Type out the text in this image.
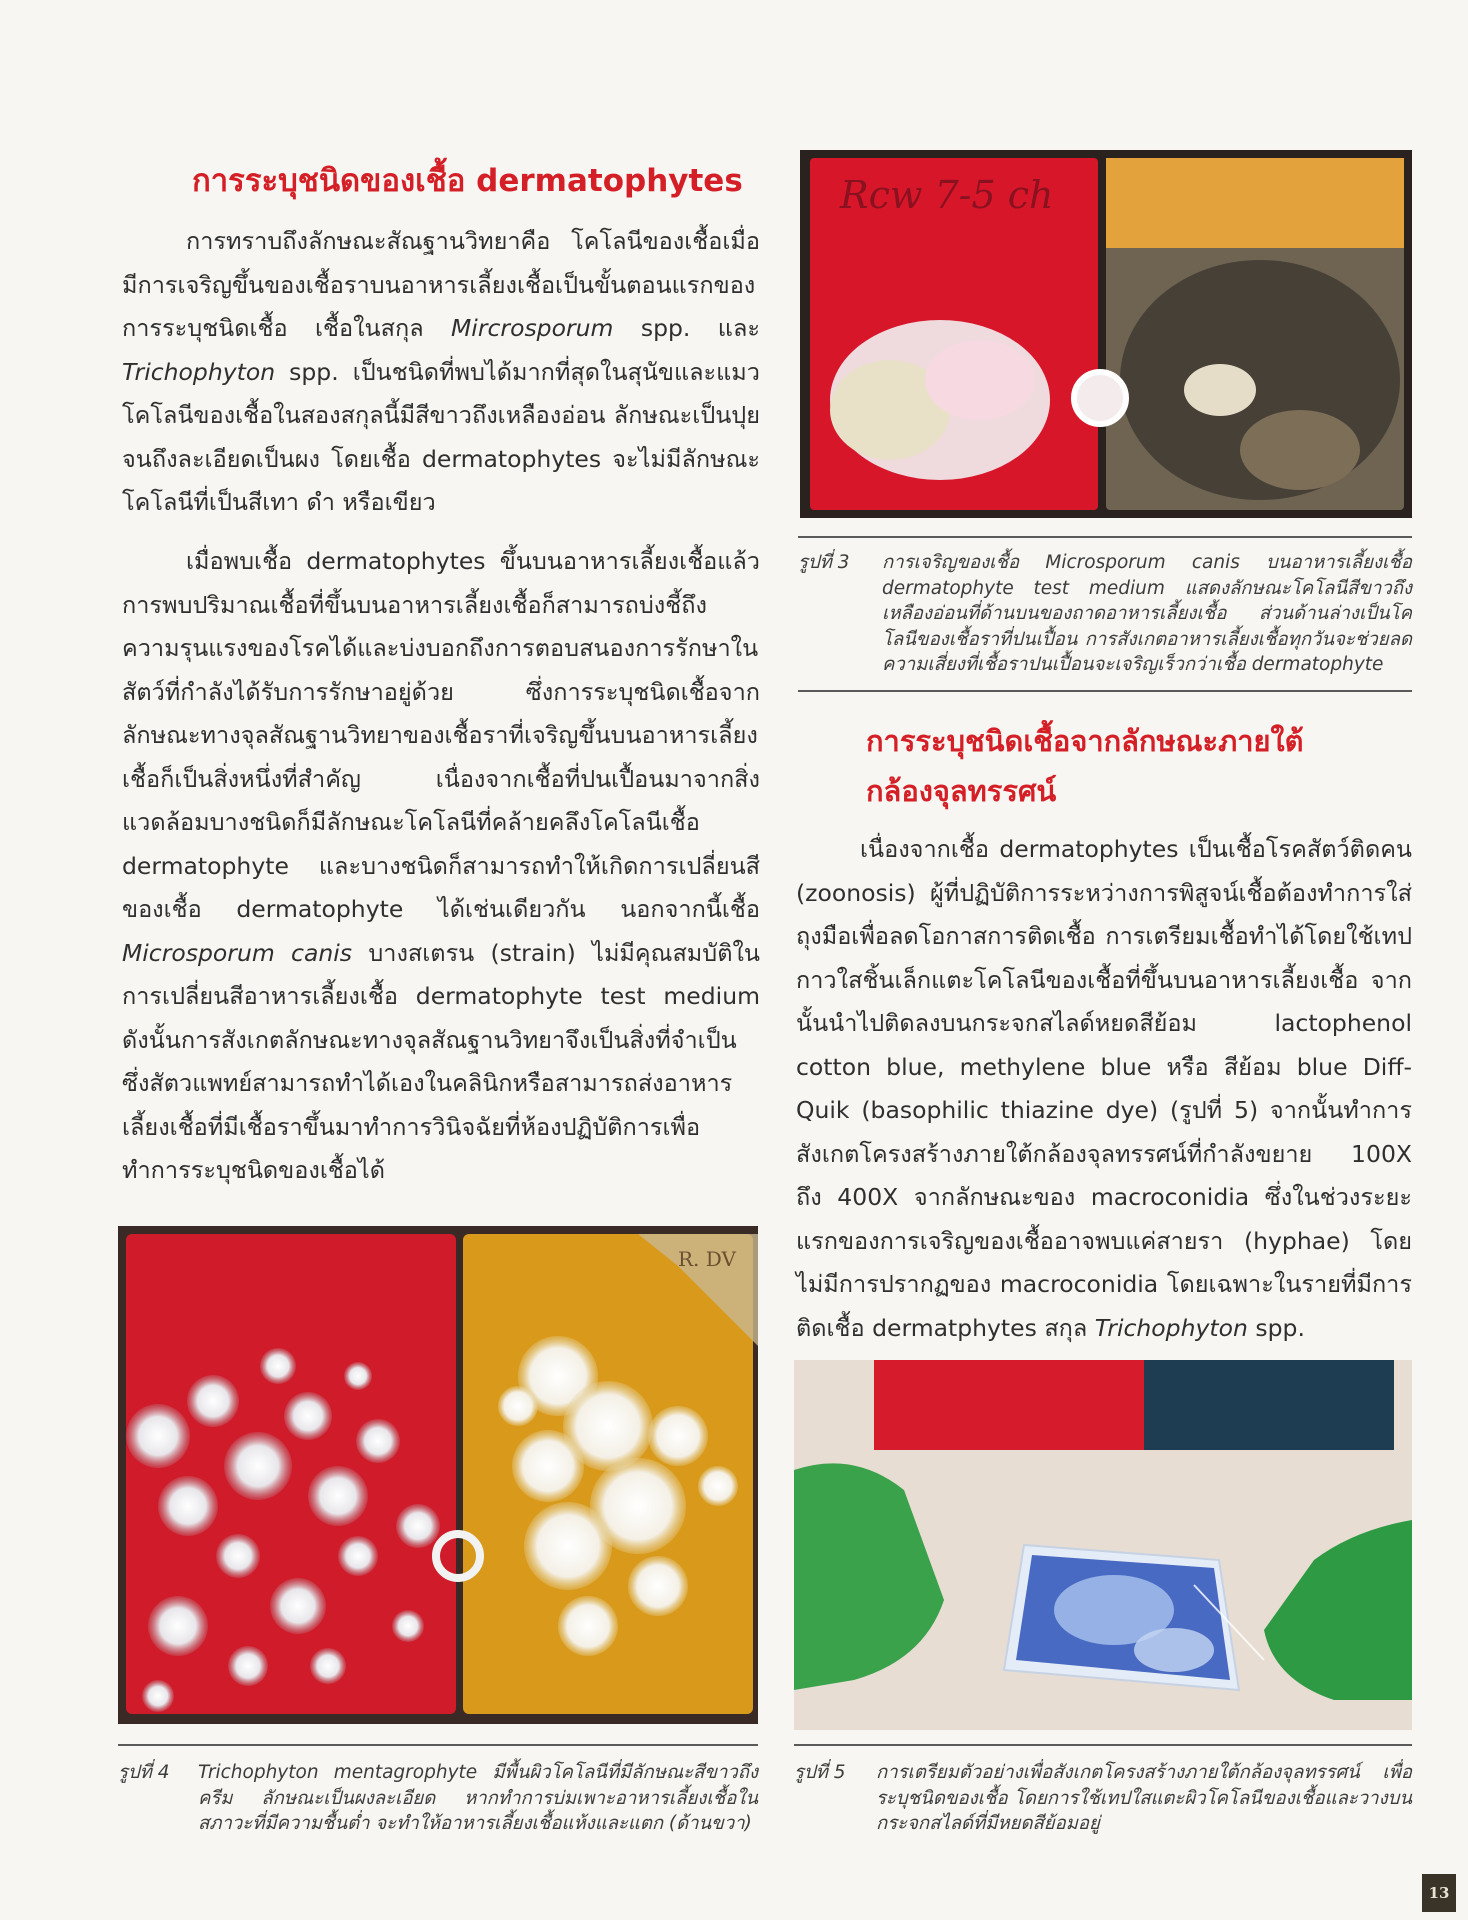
การระบุชนิดของเชื้อ dermatophytes

การทราบถึงลักษณะสัณฐานวิทยาคือ โคโลนีของเชื้อเมื่อมีการเจริญขึ้นของเชื้อราบนอาหารเลี้ยงเชื้อเป็นขั้นตอนแรกของการระบุชนิดเชื้อ เชื้อในสกุล Mircrosporum spp. และ Trichophyton spp. เป็นชนิดที่พบได้มากที่สุดในสุนัขและแมว โคโลนีของเชื้อในสองสกุลนี้มีสีขาวถึงเหลืองอ่อน ลักษณะเป็นปุยจนถึงละเอียดเป็นผง โดยเชื้อ dermatophytes จะไม่มีลักษณะโคโลนีที่เป็นสีเทา ดำ หรือเขียว

เมื่อพบเชื้อ dermatophytes ขึ้นบนอาหารเลี้ยงเชื้อแล้ว การพบปริมาณเชื้อที่ขึ้นบนอาหารเลี้ยงเชื้อก็สามารถบ่งชี้ถึงความรุนแรงของโรคได้และบ่งบอกถึงการตอบสนองการรักษาในสัตว์ที่กำลังได้รับการรักษาอยู่ด้วย ซึ่งการระบุชนิดเชื้อจากลักษณะทางจุลสัณฐานวิทยาของเชื้อราที่เจริญขึ้นบนอาหารเลี้ยงเชื้อก็เป็นสิ่งหนึ่งที่สำคัญ เนื่องจากเชื้อที่ปนเปื้อนมาจากสิ่งแวดล้อมบางชนิดก็มีลักษณะโคโลนีที่คล้ายคลึงโคโลนีเชื้อ dermatophyte และบางชนิดก็สามารถทำให้เกิดการเปลี่ยนสีของเชื้อ dermatophyte ได้เช่นเดียวกัน นอกจากนี้เชื้อ Microsporum canis บางสเตรน (strain) ไม่มีคุณสมบัติในการเปลี่ยนสีอาหารเลี้ยงเชื้อ dermatophyte test medium ดังนั้นการสังเกตลักษณะทางจุลสัณฐานวิทยาจึงเป็นสิ่งที่จำเป็น ซึ่งสัตวแพทย์สามารถทำได้เองในคลินิกหรือสามารถส่งอาหารเลี้ยงเชื้อที่มีเชื้อราขึ้นมาทำการวินิจฉัยที่ห้องปฏิบัติการเพื่อทำการระบุชนิดของเชื้อได้

R. DV
รูปที่ 4 Trichophyton mentagrophyte มีพื้นผิวโคโลนีที่มีลักษณะสีขาวถึงครีม ลักษณะเป็นผงละเอียด หากทำการบ่มเพาะอาหารเลี้ยงเชื้อในสภาวะที่มีความชื้นต่ำ จะทำให้อาหารเลี้ยงเชื้อแห้งและแตก (ด้านขวา)
Rcw 7-5 ch
รูปที่ 3 การเจริญของเชื้อ Microsporum canis บนอาหารเลี้ยงเชื้อ dermatophyte test medium แสดงลักษณะโคโลนีสีขาวถึงเหลืองอ่อนที่ด้านบนของถาดอาหารเลี้ยงเชื้อ ส่วนด้านล่างเป็นโคโลนีของเชื้อราที่ปนเปื้อน การสังเกตอาหารเลี้ยงเชื้อทุกวันจะช่วยลดความเสี่ยงที่เชื้อราปนเปื้อนจะเจริญเร็วกว่าเชื้อ dermatophyte
การระบุชนิดเชื้อจากลักษณะภายใต้กล้องจุลทรรศน์

เนื่องจากเชื้อ dermatophytes เป็นเชื้อโรคสัตว์ติดคน (zoonosis) ผู้ที่ปฏิบัติการระหว่างการพิสูจน์เชื้อต้องทำการใส่ถุงมือเพื่อลดโอกาสการติดเชื้อ การเตรียมเชื้อทำได้โดยใช้เทปกาวใสชิ้นเล็กแตะโคโลนีของเชื้อที่ขึ้นบนอาหารเลี้ยงเชื้อ จากนั้นนำไปติดลงบนกระจกสไลด์หยดสีย้อม lactophenol cotton blue, methylene blue หรือ สีย้อม blue Diff-Quik (basophilic thiazine dye) (รูปที่ 5) จากนั้นทำการสังเกตโครงสร้างภายใต้กล้องจุลทรรศน์ที่กำลังขยาย 100X ถึง 400X จากลักษณะของ macroconidia ซึ่งในช่วงระยะแรกของการเจริญของเชื้ออาจพบแค่สายรา (hyphae) โดยไม่มีการปรากฏของ macroconidia โดยเฉพาะในรายที่มีการติดเชื้อ dermatphytes สกุล Trichophyton spp.

รูปที่ 5 การเตรียมตัวอย่างเพื่อสังเกตโครงสร้างภายใต้กล้องจุลทรรศน์ เพื่อระบุชนิดของเชื้อ โดยการใช้เทปใสแตะผิวโคโลนีของเชื้อและวางบนกระจกสไลด์ที่มีหยดสีย้อมอยู่
13
